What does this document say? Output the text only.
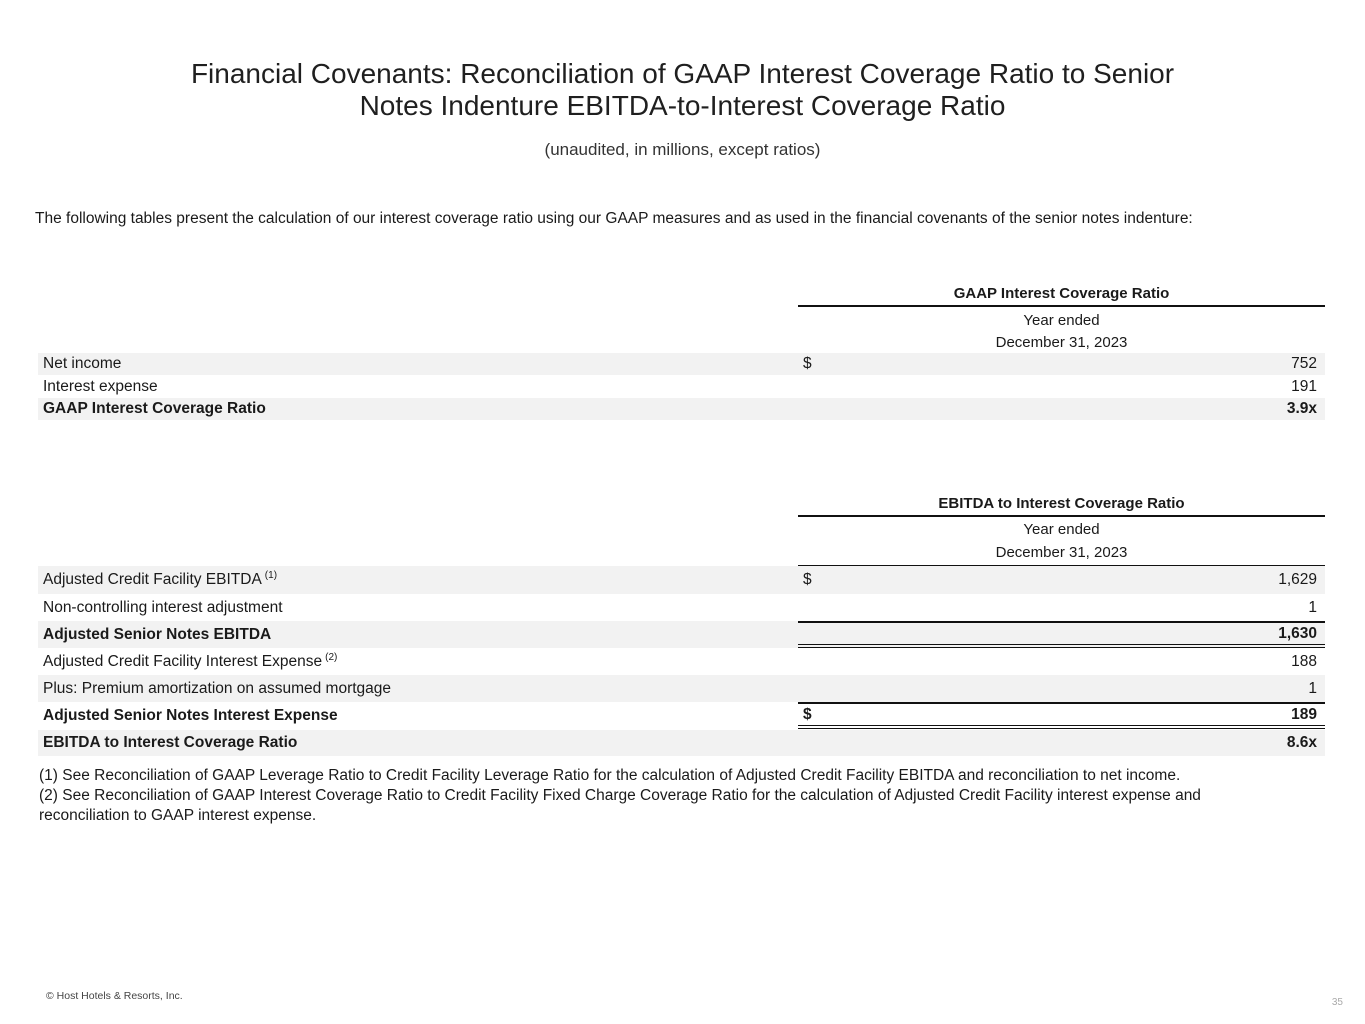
Financial Covenants: Reconciliation of GAAP Interest Coverage Ratio to Senior
Notes Indenture EBITDA-to-Interest Coverage Ratio
(unaudited, in millions, except ratios)
The following tables present the calculation of our interest coverage ratio using our GAAP measures and as used in the financial covenants of the senior notes indenture:
GAAP Interest Coverage Ratio
Year ended
December 31, 2023
Net income	$	752
Interest expense	191
GAAP Interest Coverage Ratio	3.9x
EBITDA to Interest Coverage Ratio
Year ended
December 31, 2023
Adjusted Credit Facility EBITDA $^{(1)}$	$	1,629
Non-controlling interest adjustment	1
Adjusted Senior Notes EBITDA	1,630
Adjusted Credit Facility Interest Expense $^{(2)}$	188
Plus: Premium amortization on assumed mortgage	1
Adjusted Senior Notes Interest Expense	$	189
EBITDA to Interest Coverage Ratio	8.6x
(1) See Reconciliation of GAAP Leverage Ratio to Credit Facility Leverage Ratio for the calculation of Adjusted Credit Facility EBITDA and reconciliation to net income.
(2) See Reconciliation of GAAP Interest Coverage Ratio to Credit Facility Fixed Charge Coverage Ratio for the calculation of Adjusted Credit Facility interest expense and reconciliation to GAAP interest expense.
© Host Hotels & Resorts, Inc.
35
